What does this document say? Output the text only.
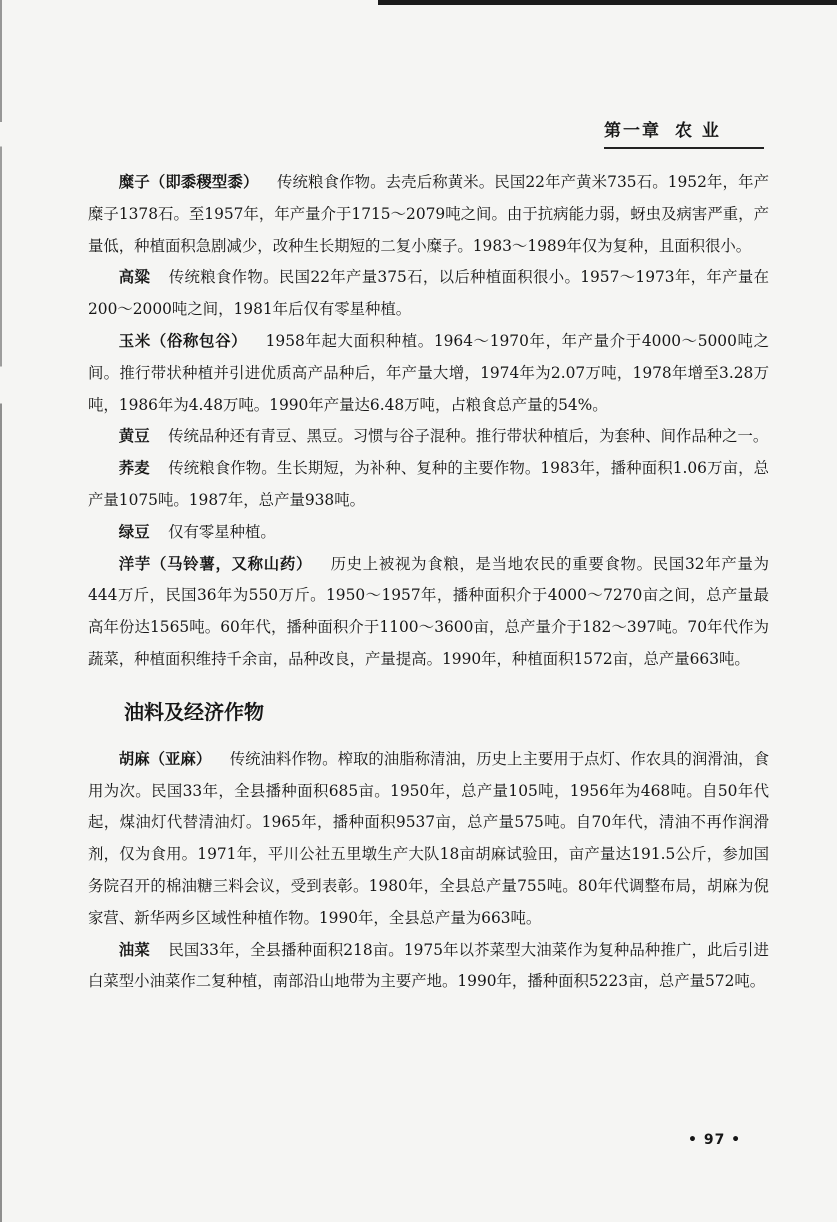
第一章 农 业

糜子（即黍稷型黍） 传统粮食作物。去壳后称黄米。民国22年产黄米735石。1952年，年产糜子1378石。至1957年，年产量介于1715～2079吨之间。由于抗病能力弱，蚜虫及病害严重，产量低，种植面积急剧减少，改种生长期短的二复小糜子。1983～1989年仅为复种，且面积很小。

高粱 传统粮食作物。民国22年产量375石，以后种植面积很小。1957～1973年，年产量在200～2000吨之间，1981年后仅有零星种植。

玉米（俗称包谷） 1958年起大面积种植。1964～1970年，年产量介于4000～5000吨之间。推行带状种植并引进优质高产品种后，年产量大增，1974年为2.07万吨，1978年增至3.28万吨，1986年为4.48万吨。1990年产量达6.48万吨，占粮食总产量的54%。

黄豆 传统品种还有青豆、黑豆。习惯与谷子混种。推行带状种植后，为套种、间作品种之一。

荞麦 传统粮食作物。生长期短，为补种、复种的主要作物。1983年，播种面积1.06万亩，总产量1075吨。1987年，总产量938吨。

绿豆 仅有零星种植。

洋芋（马铃薯，又称山药） 历史上被视为食粮，是当地农民的重要食物。民国32年产量为444万斤，民国36年为550万斤。1950～1957年，播种面积介于4000～7270亩之间，总产量最高年份达1565吨。60年代，播种面积介于1100～3600亩，总产量介于182～397吨。70年代作为蔬菜，种植面积维持千余亩，品种改良，产量提高。1990年，种植面积1572亩，总产量663吨。

油料及经济作物

胡麻（亚麻） 传统油料作物。榨取的油脂称清油，历史上主要用于点灯、作农具的润滑油，食用为次。民国33年，全县播种面积685亩。1950年，总产量105吨，1956年为468吨。自50年代起，煤油灯代替清油灯。1965年，播种面积9537亩，总产量575吨。自70年代，清油不再作润滑剂，仅为食用。1971年，平川公社五里墩生产大队18亩胡麻试验田，亩产量达191.5公斤，参加国务院召开的棉油糖三料会议，受到表彰。1980年，全县总产量755吨。80年代调整布局，胡麻为倪家营、新华两乡区域性种植作物。1990年，全县总产量为663吨。

油菜 民国33年，全县播种面积218亩。1975年以芥菜型大油菜作为复种品种推广，此后引进白菜型小油菜作二复种植，南部沿山地带为主要产地。1990年，播种面积5223亩，总产量572吨。

• 97 •
